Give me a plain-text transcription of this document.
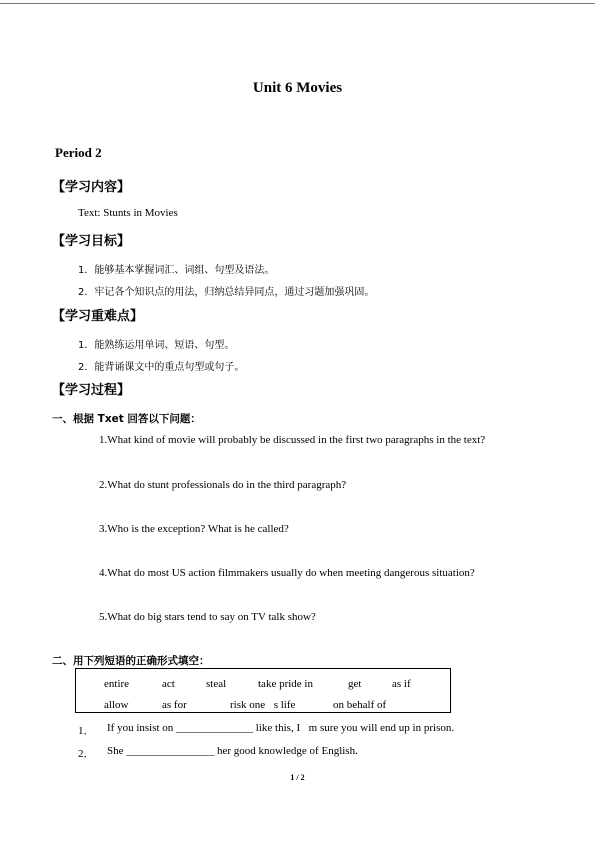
Unit 6 Movies
Period 2
【学习内容】
Text: Stunts in Movies
【学习目标】
1．能够基本掌握词汇、词组、句型及语法。
2．牢记各个知识点的用法，归纳总结异同点，通过习题加强巩固。
【学习重难点】
1．能熟练运用单词、短语、句型。
2．能背诵课文中的重点句型或句子。
【学习过程】
一、根据 Txet 回答以下问题：
1.What kind of movie will probably be discussed in the first two paragraphs in the text?
2.What do stunt professionals do in the third paragraph?
3.Who is the exception? What is he called?
4.What do most US action filmmakers usually do when meeting dangerous situation?
5.What do big stars tend to say on TV talk show?
二、用下列短语的正确形式填空：
entire	act	steal	take pride in	get	as if
allow	as for	risk one s life	on behalf of
1． If you insist on ______________ like this, I m sure you will end up in prison.
2． She ________________ her good knowledge of English.
1 / 2
